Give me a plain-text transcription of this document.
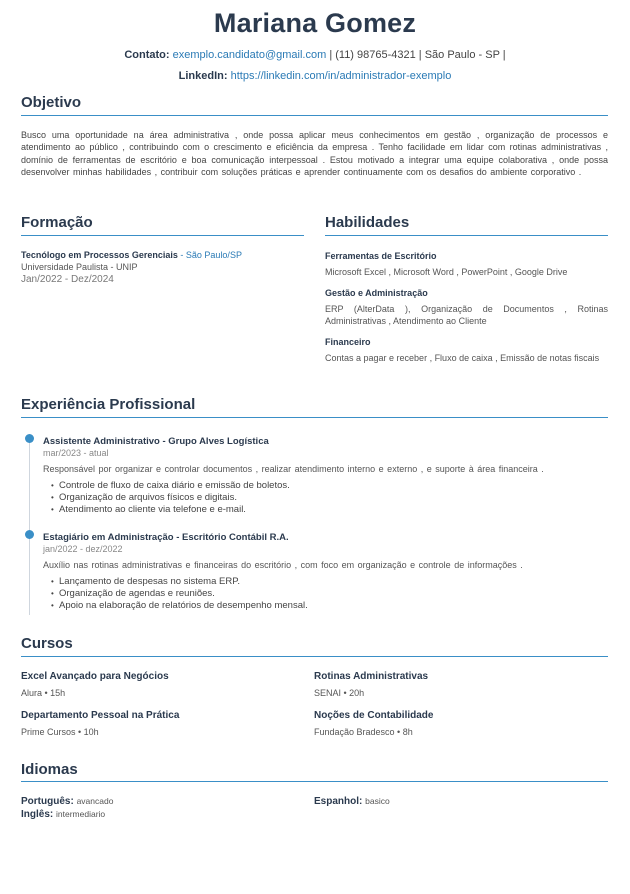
Mariana Gomez
Contato: exemplo.candidato@gmail.com | (11) 98765-4321 | São Paulo - SP |
LinkedIn: https://linkedin.com/in/administrador-exemplo
Objetivo
Busco uma oportunidade na área administrativa , onde possa aplicar meus conhecimentos em gestão , organização de processos e atendimento ao público , contribuindo com o crescimento e eficiência da empresa . Tenho facilidade em lidar com rotinas administrativas , domínio de ferramentas de escritório e boa comunicação interpessoal . Estou motivado a integrar uma equipe colaborativa , onde possa desenvolver minhas habilidades , contribuir com soluções práticas e aprender continuamente com os desafios do ambiente corporativo .
Formação
Tecnólogo em Processos Gerenciais - São Paulo/SP
Universidade Paulista - UNIP
Jan/2022 - Dez/2024
Habilidades
Ferramentas de Escritório
Microsoft Excel , Microsoft Word , PowerPoint , Google Drive
Gestão e Administração
ERP (AlterData ), Organização de Documentos , Rotinas Administrativas , Atendimento ao Cliente
Financeiro
Contas a pagar e receber , Fluxo de caixa , Emissão de notas fiscais
Experiência Profissional
Assistente Administrativo - Grupo Alves Logística
mar/2023 - atual
Responsável por organizar e controlar documentos , realizar atendimento interno e externo , e suporte à área financeira .
• Controle de fluxo de caixa diário e emissão de boletos.
• Organização de arquivos físicos e digitais.
• Atendimento ao cliente via telefone e e-mail.
Estagiário em Administração - Escritório Contábil R.A.
jan/2022 - dez/2022
Auxílio nas rotinas administrativas e financeiras do escritório , com foco em organização e controle de informações .
• Lançamento de despesas no sistema ERP.
• Organização de agendas e reuniões.
• Apoio na elaboração de relatórios de desempenho mensal.
Cursos
Excel Avançado para Negócios
Alura • 15h
Rotinas Administrativas
SENAI • 20h
Departamento Pessoal na Prática
Prime Cursos • 10h
Noções de Contabilidade
Fundação Bradesco • 8h
Idiomas
Português: avancado	Espanhol: basico
Inglês: intermediario
